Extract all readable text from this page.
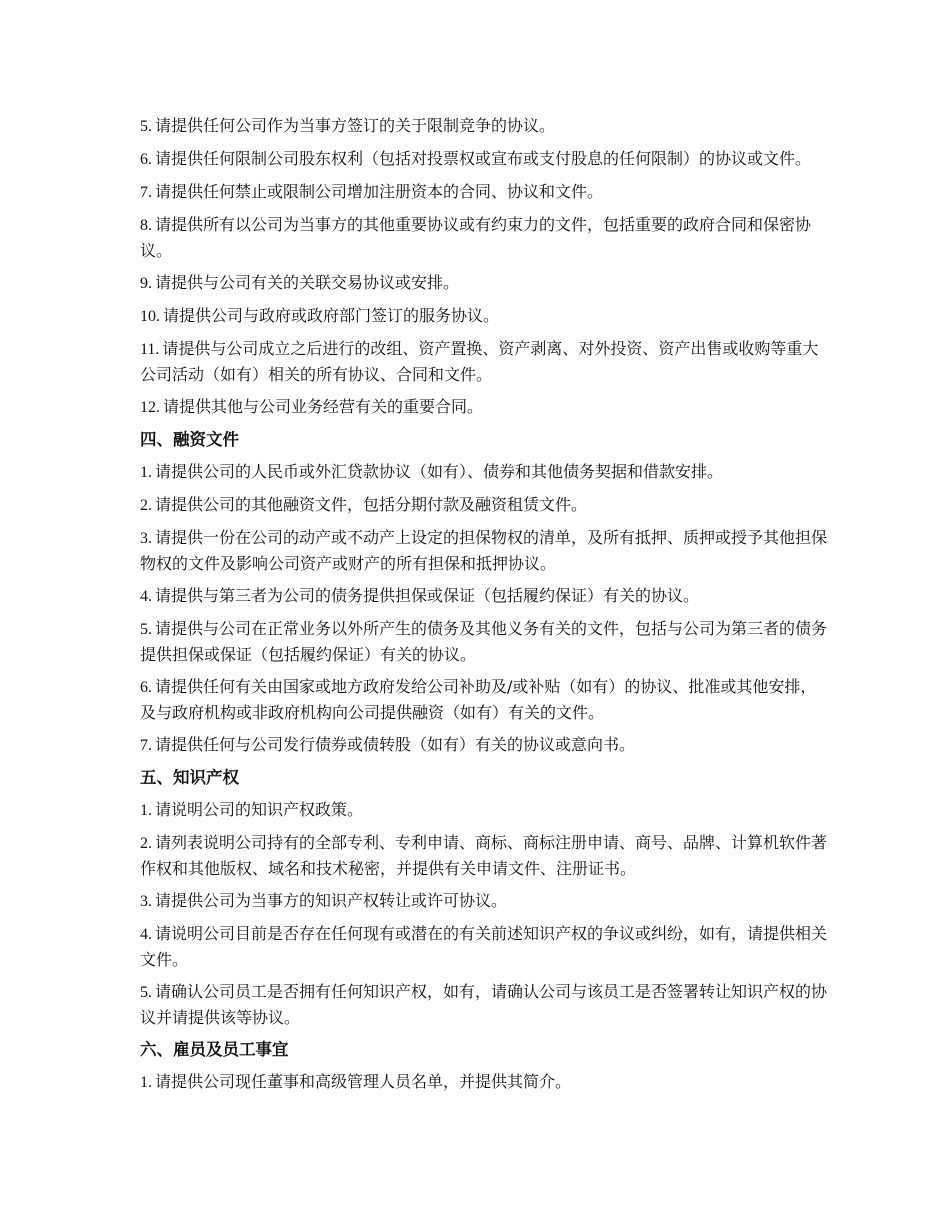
5. 请提供任何公司作为当事方签订的关于限制竞争的协议。

6. 请提供任何限制公司股东权利（包括对投票权或宣布或支付股息的任何限制）的协议或文件。

7. 请提供任何禁止或限制公司增加注册资本的合同、协议和文件。

8. 请提供所有以公司为当事方的其他重要协议或有约束力的文件，包括重要的政府合同和保密协议。

9. 请提供与公司有关的关联交易协议或安排。

10. 请提供公司与政府或政府部门签订的服务协议。

11. 请提供与公司成立之后进行的改组、资产置换、资产剥离、对外投资、资产出售或收购等重大公司活动（如有）相关的所有协议、合同和文件。

12. 请提供其他与公司业务经营有关的重要合同。

四、融资文件

1. 请提供公司的人民币或外汇贷款协议（如有）、债券和其他债务契据和借款安排。

2. 请提供公司的其他融资文件，包括分期付款及融资租赁文件。

3. 请提供一份在公司的动产或不动产上设定的担保物权的清单，及所有抵押、质押或授予其他担保物权的文件及影响公司资产或财产的所有担保和抵押协议。

4. 请提供与第三者为公司的债务提供担保或保证（包括履约保证）有关的协议。

5. 请提供与公司在正常业务以外所产生的债务及其他义务有关的文件，包括与公司为第三者的债务提供担保或保证（包括履约保证）有关的协议。

6. 请提供任何有关由国家或地方政府发给公司补助及/或补贴（如有）的协议、批准或其他安排，及与政府机构或非政府机构向公司提供融资（如有）有关的文件。

7. 请提供任何与公司发行债券或债转股（如有）有关的协议或意向书。

五、知识产权

1. 请说明公司的知识产权政策。

2. 请列表说明公司持有的全部专利、专利申请、商标、商标注册申请、商号、品牌、计算机软件著作权和其他版权、域名和技术秘密，并提供有关申请文件、注册证书。

3. 请提供公司为当事方的知识产权转让或许可协议。

4. 请说明公司目前是否存在任何现有或潜在的有关前述知识产权的争议或纠纷，如有，请提供相关文件。

5. 请确认公司员工是否拥有任何知识产权，如有，请确认公司与该员工是否签署转让知识产权的协议并请提供该等协议。

六、雇员及员工事宜

1. 请提供公司现任董事和高级管理人员名单，并提供其简介。
